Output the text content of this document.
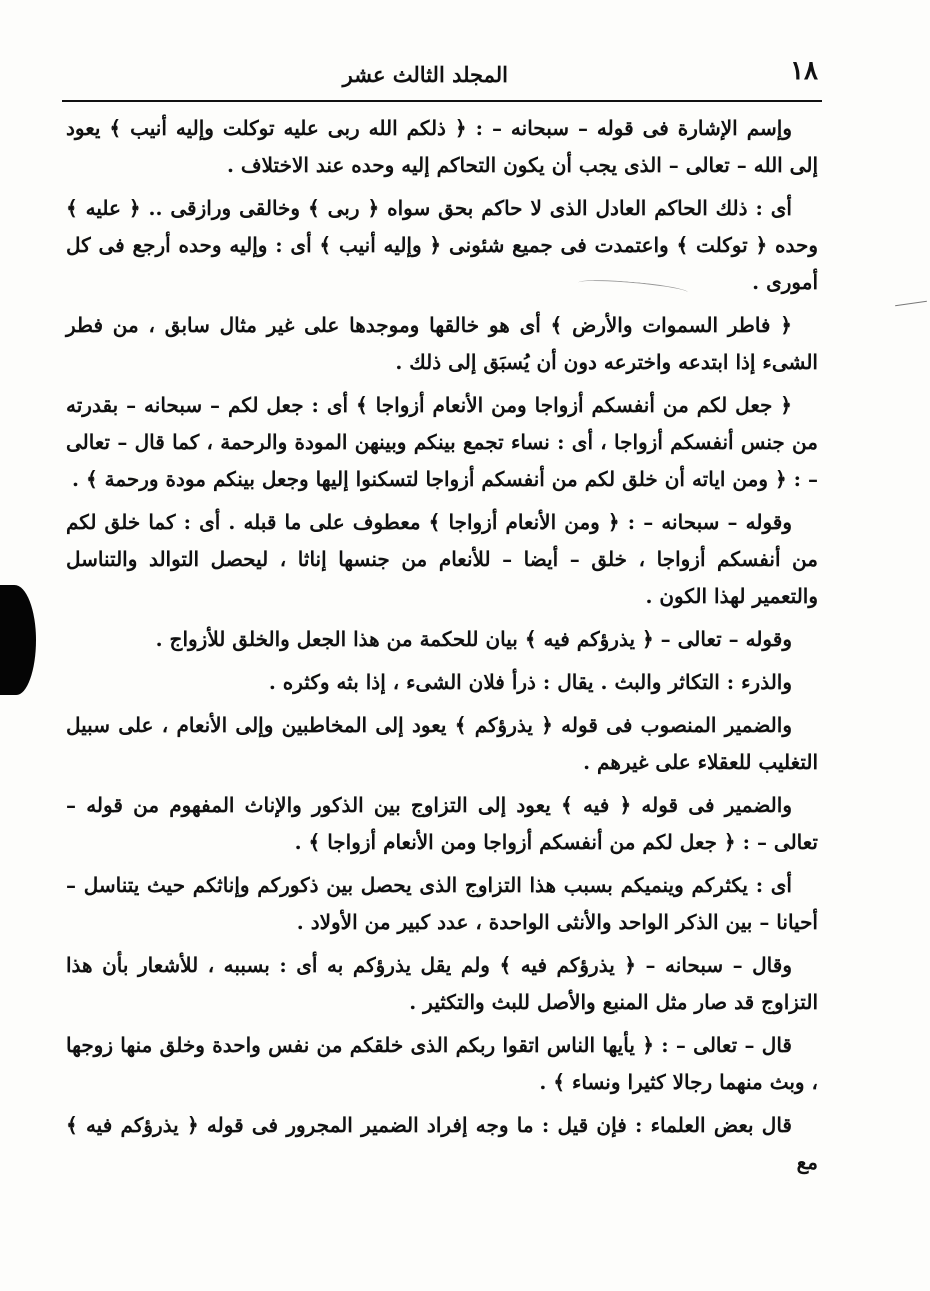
١٨
المجلد الثالث عشر

وإسم الإشارة فى قوله – سبحانه – : ﴿ ذلكم الله ربى عليه توكلت وإليه أنيب ﴾ يعود إلى الله – تعالى – الذى يجب أن يكون التحاكم إليه وحده عند الاختلاف .

أى : ذلك الحاكم العادل الذى لا حاكم بحق سواه ﴿ ربى ﴾ وخالقى ورازقى .. ﴿ عليه ﴾ وحده ﴿ توكلت ﴾ واعتمدت فى جميع شئونى ﴿ وإليه أنيب ﴾ أى : وإليه وحده أرجع فى كل أمورى .

﴿ فاطر السموات والأرض ﴾ أى هو خالقها وموجدها على غير مثال سابق ، من فطر الشىء إذا ابتدعه واخترعه دون أن يُسبَق إلى ذلك .

﴿ جعل لكم من أنفسكم أزواجا ومن الأنعام أزواجا ﴾ أى : جعل لكم – سبحانه – بقدرته من جنس أنفسكم أزواجا ، أى : نساء تجمع بينكم وبينهن المودة والرحمة ، كما قال – تعالى – : ﴿ ومن اياته أن خلق لكم من أنفسكم أزواجا لتسكنوا إليها وجعل بينكم مودة ورحمة ﴾ .

وقوله – سبحانه – : ﴿ ومن الأنعام أزواجا ﴾ معطوف على ما قبله . أى : كما خلق لكم من أنفسكم أزواجا ، خلق – أيضا – للأنعام من جنسها إناثا ، ليحصل التوالد والتناسل والتعمير لهذا الكون .

وقوله – تعالى – ﴿ يذرؤكم فيه ﴾ بيان للحكمة من هذا الجعل والخلق للأزواج .

والذرء : التكاثر والبث . يقال : ذرأ فلان الشىء ، إذا بثه وكثره .

والضمير المنصوب فى قوله ﴿ يذرؤكم ﴾ يعود إلى المخاطبين وإلى الأنعام ، على سبيل التغليب للعقلاء على غيرهم .

والضمير فى قوله ﴿ فيه ﴾ يعود إلى التزاوج بين الذكور والإناث المفهوم من قوله – تعالى – : ﴿ جعل لكم من أنفسكم أزواجا ومن الأنعام أزواجا ﴾ .

أى : يكثركم وينميكم بسبب هذا التزاوج الذى يحصل بين ذكوركم وإناثكم حيث يتناسل – أحيانا – بين الذكر الواحد والأنثى الواحدة ، عدد كبير من الأولاد .

وقال – سبحانه – ﴿ يذرؤكم فيه ﴾ ولم يقل يذرؤكم به أى : بسببه ، للأشعار بأن هذا التزاوج قد صار مثل المنبع والأصل للبث والتكثير .

قال – تعالى – : ﴿ يأيها الناس اتقوا ربكم الذى خلقكم من نفس واحدة وخلق منها زوجها ، وبث منهما رجالا كثيرا ونساء ﴾ .

قال بعض العلماء : فإن قيل : ما وجه إفراد الضمير المجرور فى قوله ﴿ يذرؤكم فيه ﴾ مع
